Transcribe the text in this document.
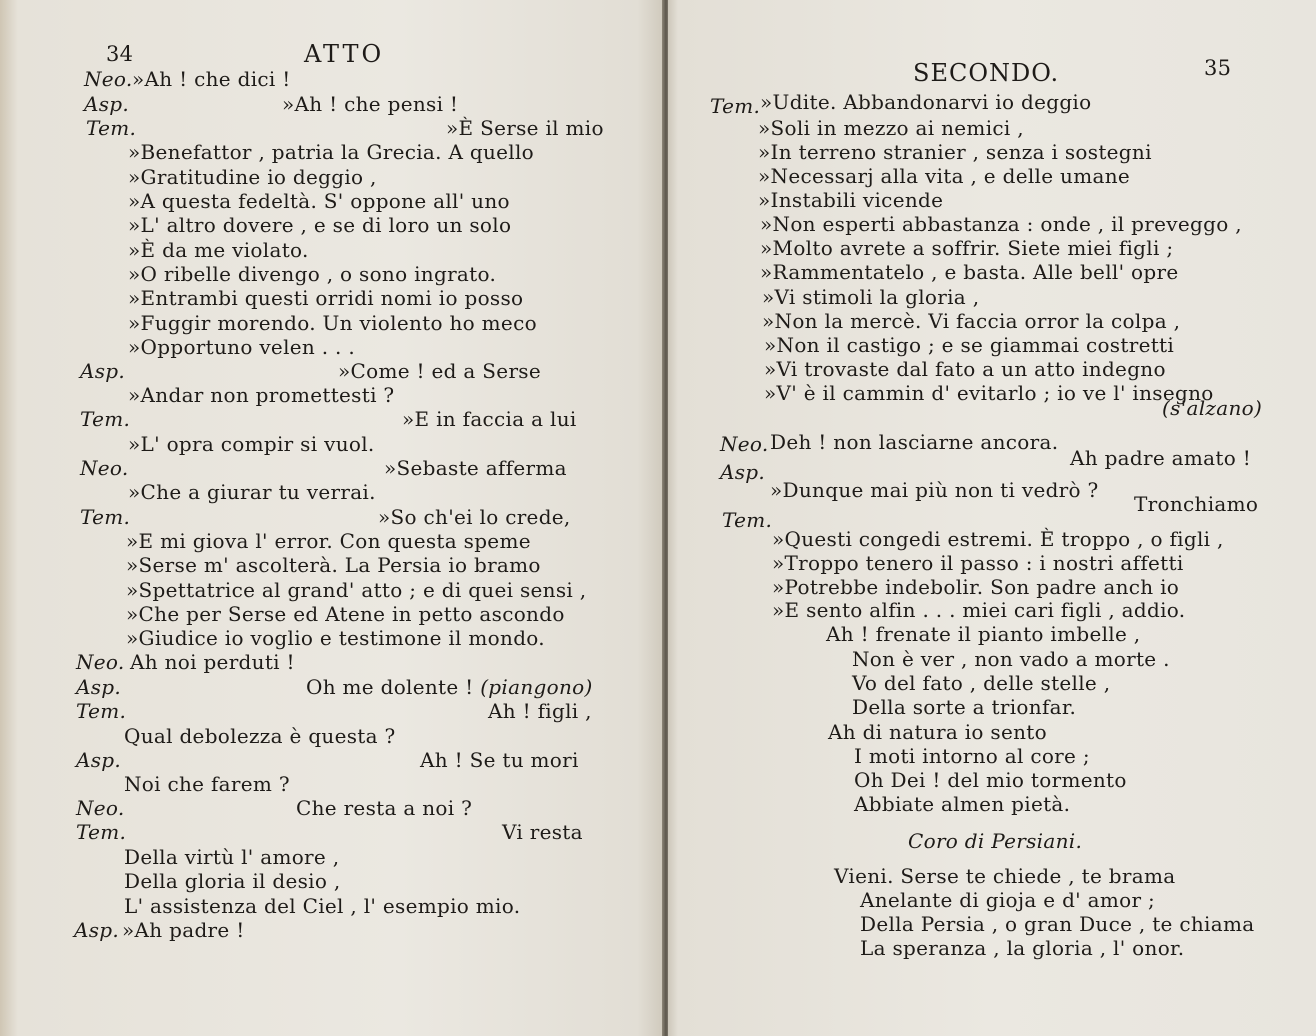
34	ATTO
Neo. »Ah ! che dici !
Asp.	»Ah ! che pensi !
Tem.	»È Serse il mio
»Benefattor , patria la Grecia. A quello
»Gratitudine io deggio ,
»A questa fedeltà. S' oppone all' uno
»L' altro dovere , e se di loro un solo
»È da me violato.
»O ribelle divengo , o sono ingrato.
»Entrambi questi orridi nomi io posso
»Fuggir morendo. Un violento ho meco
»Opportuno velen . . .
Asp.	»Come ! ed a Serse
»Andar non promettesti ?
Tem.	»E in faccia a lui
»L' opra compir si vuol.
Neo.	»Sebaste afferma
»Che a giurar tu verrai.
Tem.	»So ch'ei lo crede,
»E mi giova l' error. Con questa speme
»Serse m' ascolterà. La Persia io bramo
»Spettatrice al grand' atto ; e di quei sensi ,
»Che per Serse ed Atene in petto ascondo
»Giudice io voglio e testimone il mondo.
Neo. Ah noi perduti !
Asp.	Oh me dolente ! (piangono)
Tem.	Ah ! figli ,
Qual debolezza è questa ?
Asp.	Ah ! Se tu mori
Noi che farem ?
Neo.	Che resta a noi ?
Tem.	Vi resta
Della virtù l' amore ,
Della gloria il desio ,
L' assistenza del Ciel , l' esempio mio.
Asp. »Ah padre !
SECONDO.	35
Tem. »Udite. Abbandonarvi io deggio
»Soli in mezzo ai nemici ,
»In terreno stranier , senza i sostegni
»Necessarj alla vita , e delle umane
»Instabili vicende
»Non esperti abbastanza : onde , il preveggo ,
»Molto avrete a soffrir. Siete miei figli ;
»Rammentatelo , e basta. Alle bell' opre
»Vi stimoli la gloria ,
»Non la mercè. Vi faccia orror la colpa ,
»Non il castigo ; e se giammai costretti
»Vi trovaste dal fato a un atto indegno
»V' è il cammin d' evitarlo ; io ve l' insegno
(s'alzano)
Neo. Deh ! non lasciarne ancora.
Asp.
Ah padre amato !
»Dunque mai più non ti vedrò ?
Tem.
Tronchiamo
»Questi congedi estremi. È troppo , o figli ,
»Troppo tenero il passo : i nostri affetti
»Potrebbe indebolir. Son padre anch io
»E sento alfin . . . miei cari figli , addio.
Ah ! frenate il pianto imbelle ,
Non è ver , non vado a morte .
Vo del fato , delle stelle ,
Della sorte a trionfar.
Ah di natura io sento
I moti intorno al core ;
Oh Dei ! del mio tormento
Abbiate almen pietà.
Coro di Persiani.
Vieni. Serse te chiede , te brama
Anelante di gioja e d' amor ;
Della Persia , o gran Duce , te chiama
La speranza , la gloria , l' onor.
